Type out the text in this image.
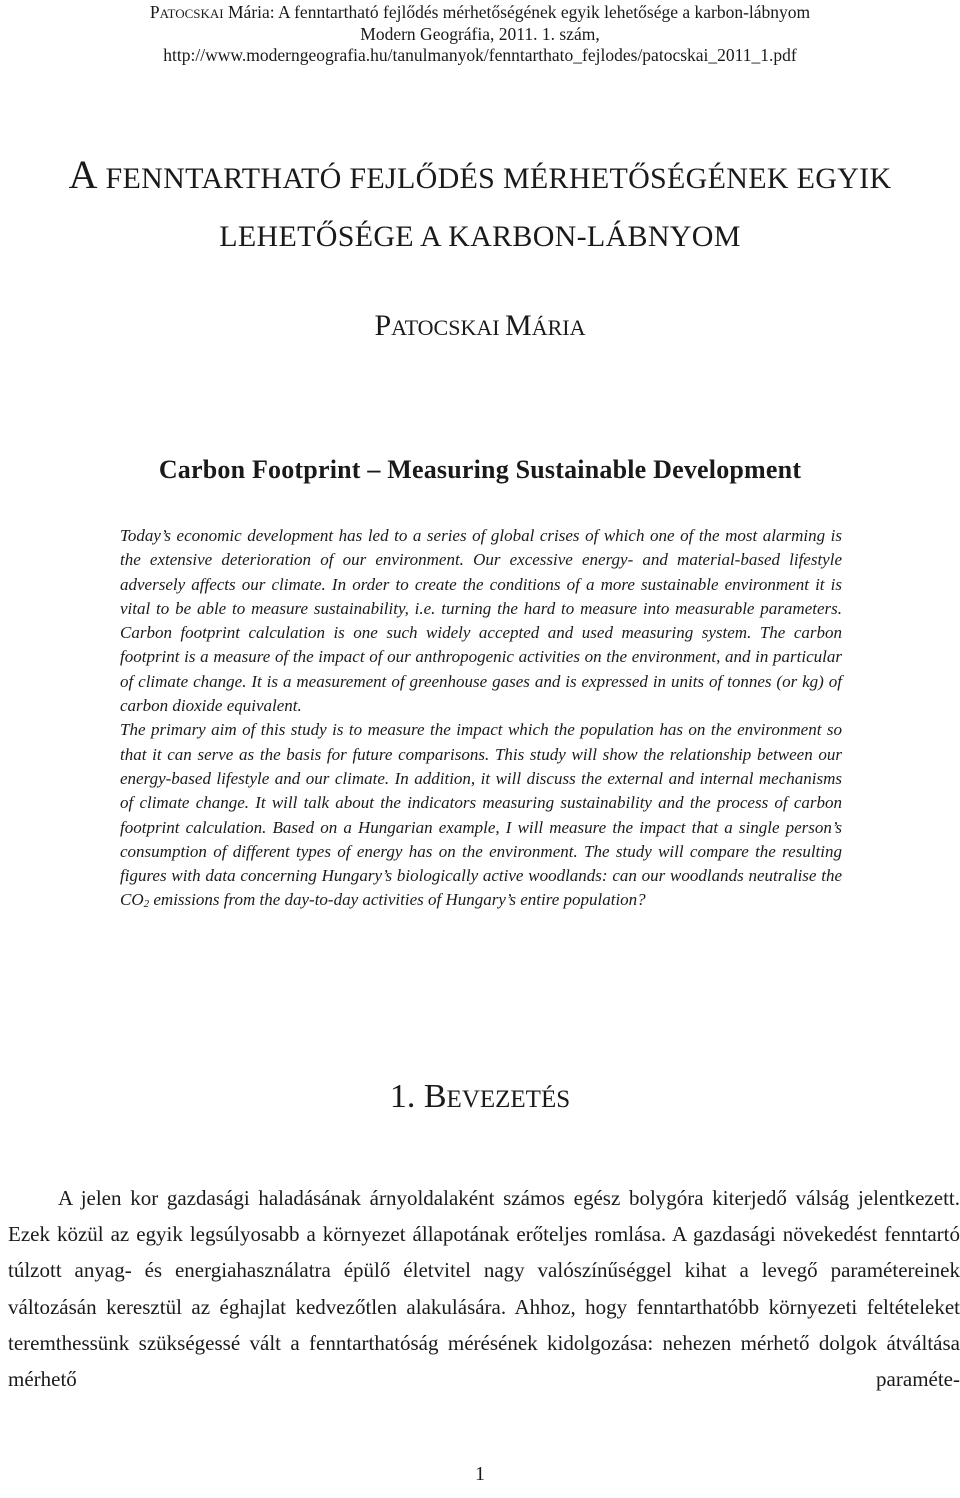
PATOCSKAI Mária: A fenntartható fejlődés mérhetőségének egyik lehetősége a karbon-lábnyom
Modern Geográfia, 2011. 1. szám,
http://www.moderngeografia.hu/tanulmanyok/fenntarthato_fejlodes/patocskai_2011_1.pdf
A FENNTARTHATÓ FEJLŐDÉS MÉRHETŐSÉGÉNEK EGYIK
LEHETŐSÉGE A KARBON-LÁBNYOM
PATOCSKAI MÁRIA
Carbon Footprint – Measuring Sustainable Development

Today’s economic development has led to a series of global crises of which one of the most alarming is the extensive deterioration of our environment. Our excessive energy- and material-based lifestyle adversely affects our climate. In order to create the conditions of a more sustainable environment it is vital to be able to measure sustainability, i.e. turning the hard to measure into measurable parameters. Carbon footprint calculation is one such widely accepted and used measuring system. The carbon footprint is a measure of the impact of our anthropogenic activities on the environment, and in particular of climate change. It is a measurement of greenhouse gases and is expressed in units of tonnes (or kg) of carbon dioxide equivalent.

The primary aim of this study is to measure the impact which the population has on the environment so that it can serve as the basis for future comparisons. This study will show the relationship between our energy-based lifestyle and our climate. In addition, it will discuss the external and internal mechanisms of climate change. It will talk about the indicators measuring sustainability and the process of carbon footprint calculation. Based on a Hungarian example, I will measure the impact that a single person’s consumption of different types of energy has on the environment. The study will compare the resulting figures with data concerning Hungary’s biologically active woodlands: can our woodlands neutralise the $CO_2$ emissions from the day-to-day activities of Hungary’s entire population?

1. BEVEZETÉS

A jelen kor gazdasági haladásának árnyoldalaként számos egész bolygóra kiterjedő válság jelentkezett. Ezek közül az egyik legsúlyosabb a környezet állapotának erőteljes romlása. A gazdasági növekedést fenntartó túlzott anyag- és energiahasználatra épülő életvitel nagy valószínűséggel kihat a levegő paramétereinek változásán keresztül az éghajlat kedvezőtlen alakulására. Ahhoz, hogy fenntarthatóbb környezeti feltételeket teremthessünk szükségessé vált a fenntarthatóság mérésének kidolgozása: nehezen mérhető dolgok átváltása mérhető paraméte-

1
